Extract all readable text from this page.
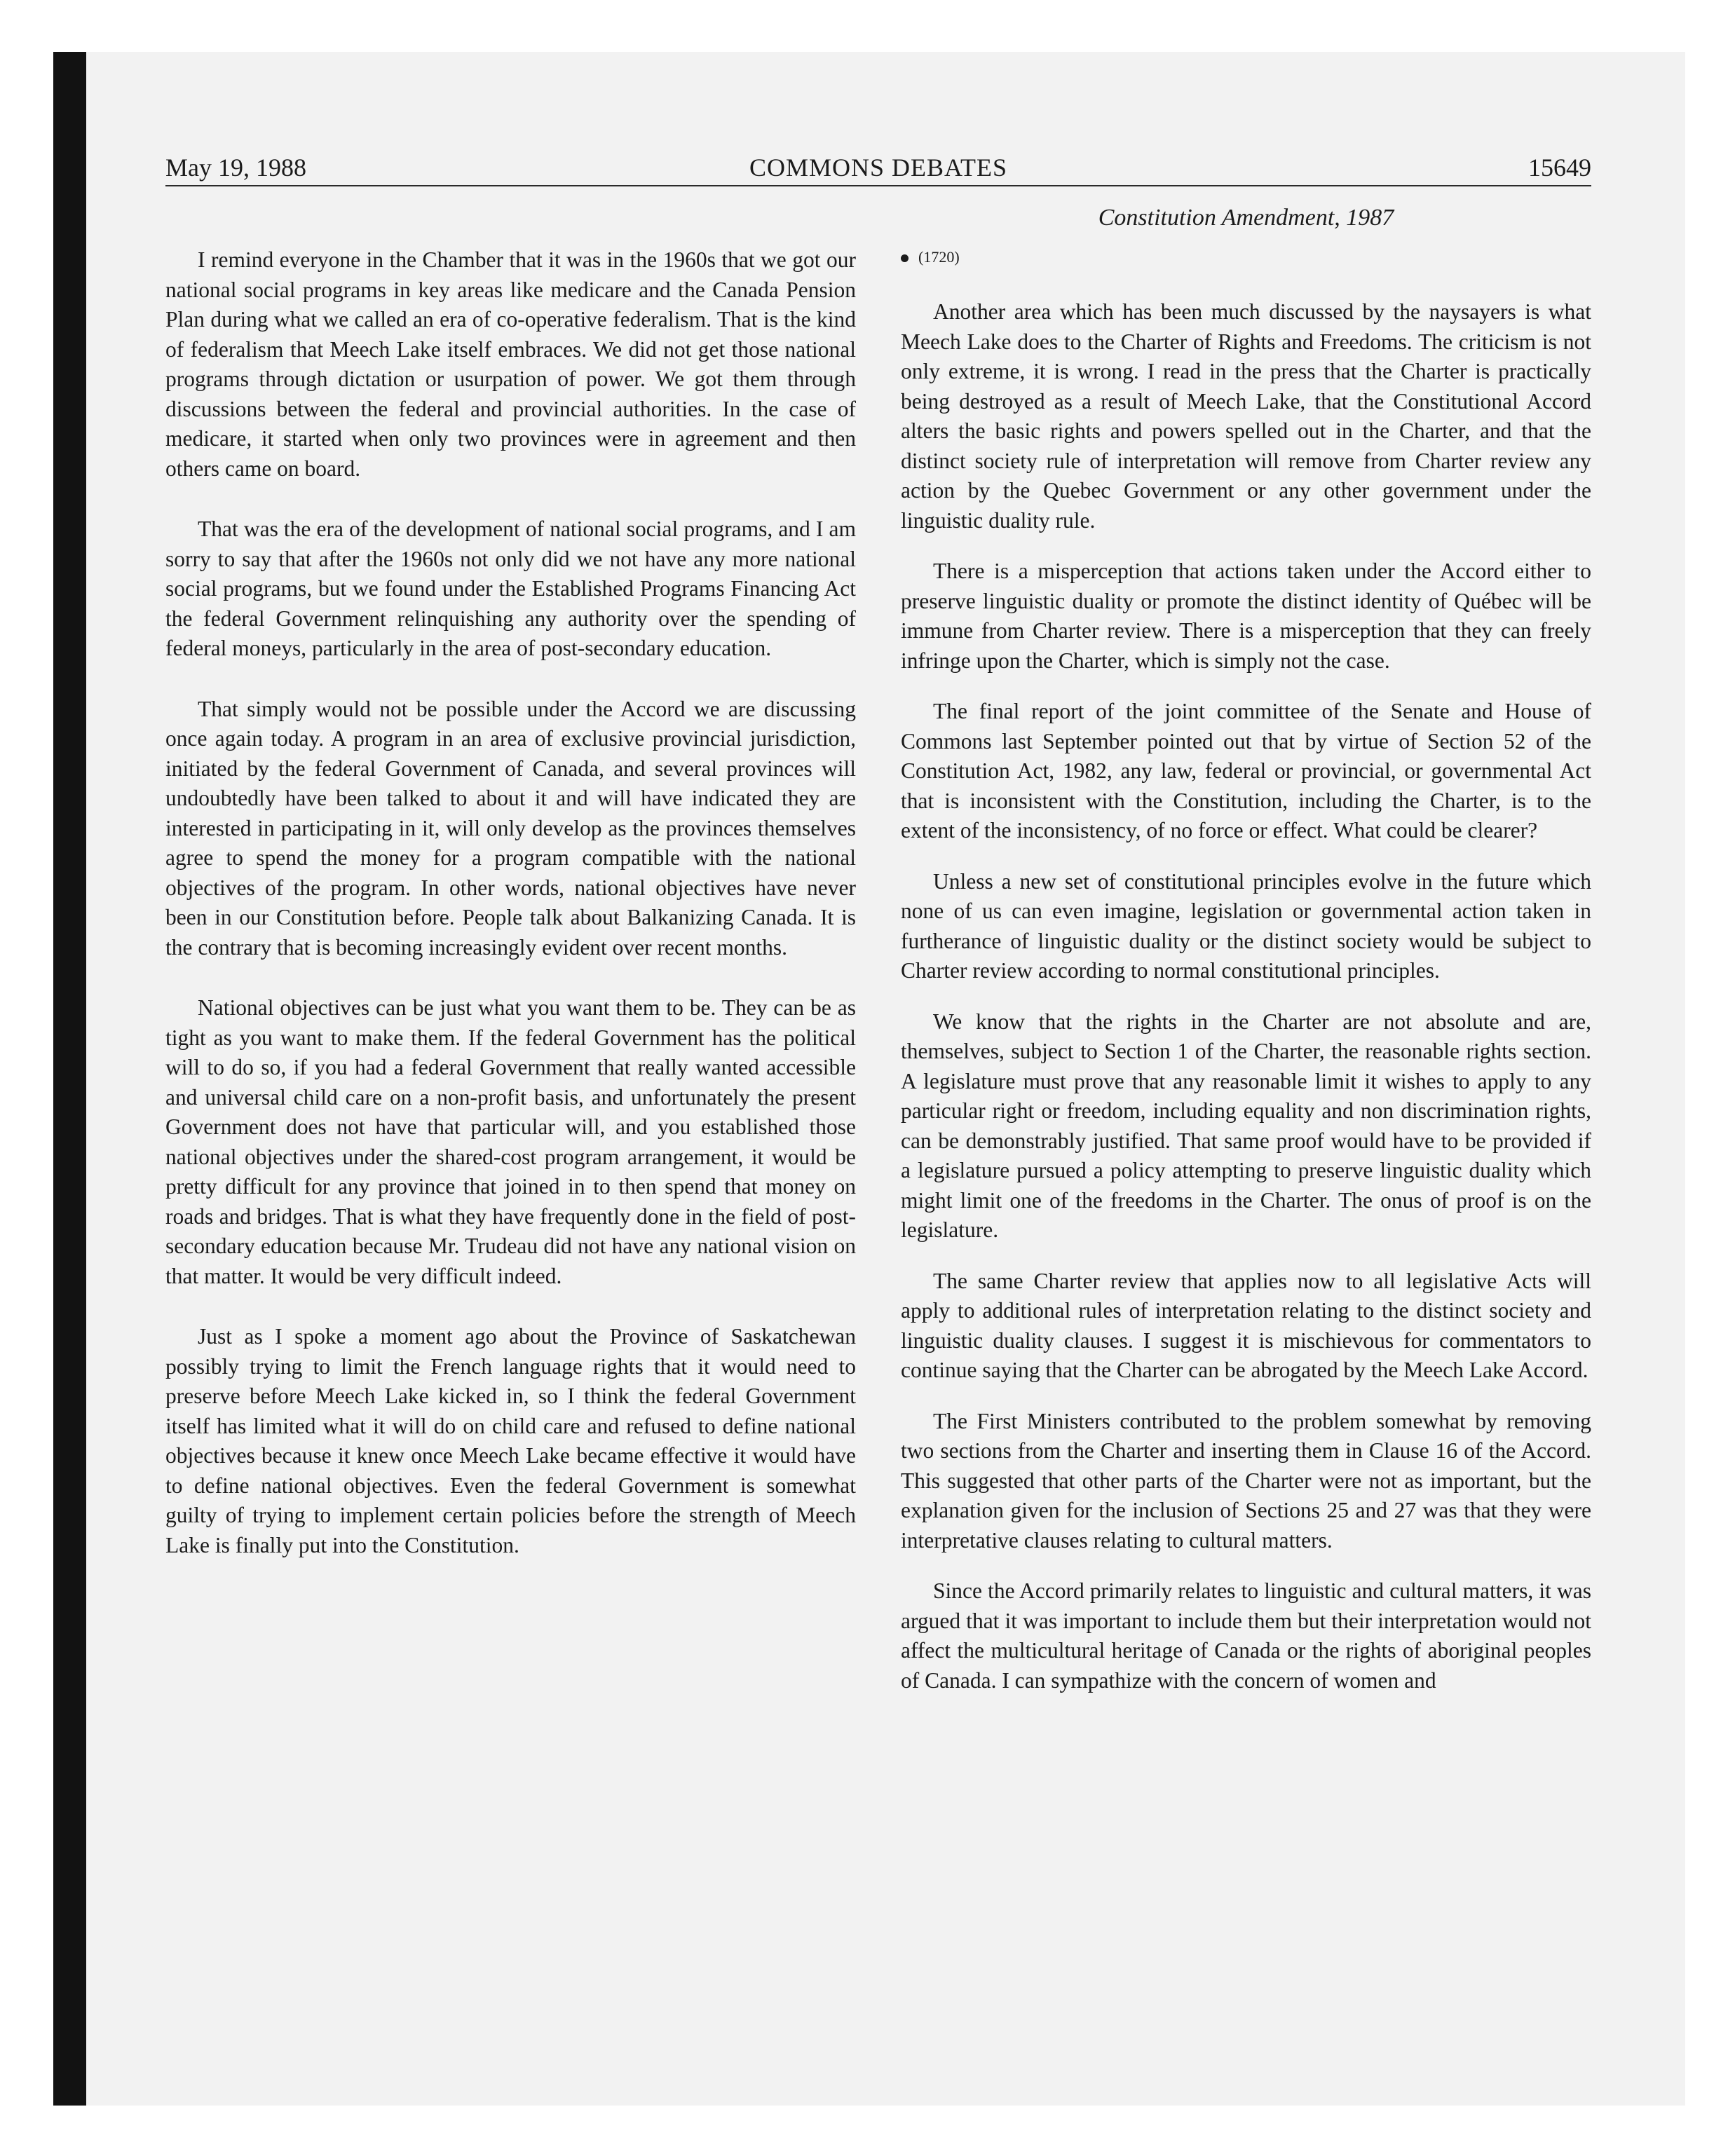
May 19, 1988	COMMONS DEBATES	15649
Constitution Amendment, 1987

I remind everyone in the Chamber that it was in the 1960s that we got our national social programs in key areas like medicare and the Canada Pension Plan during what we called an era of co-operative federalism. That is the kind of federalism that Meech Lake itself embraces. We did not get those national programs through dictation or usurpation of power. We got them through discussions between the federal and provincial authorities. In the case of medicare, it started when only two provinces were in agreement and then others came on board.

That was the era of the development of national social programs, and I am sorry to say that after the 1960s not only did we not have any more national social programs, but we found under the Established Programs Financing Act the federal Government relinquishing any authority over the spending of federal moneys, particularly in the area of post-secondary education.

That simply would not be possible under the Accord we are discussing once again today. A program in an area of exclusive provincial jurisdiction, initiated by the federal Government of Canada, and several provinces will undoubtedly have been talked to about it and will have indicated they are interested in participating in it, will only develop as the provinces themselves agree to spend the money for a program compatible with the national objectives of the program. In other words, national objectives have never been in our Constitution before. People talk about Balkanizing Canada. It is the contrary that is becoming increasingly evident over recent months.

National objectives can be just what you want them to be. They can be as tight as you want to make them. If the federal Government has the political will to do so, if you had a federal Government that really wanted accessible and universal child care on a non-profit basis, and unfortunately the present Government does not have that particular will, and you established those national objectives under the shared-cost program arrangement, it would be pretty difficult for any province that joined in to then spend that money on roads and bridges. That is what they have frequently done in the field of post-secondary education because Mr. Trudeau did not have any national vision on that matter. It would be very difficult indeed.

Just as I spoke a moment ago about the Province of Saskatchewan possibly trying to limit the French language rights that it would need to preserve before Meech Lake kicked in, so I think the federal Government itself has limited what it will do on child care and refused to define national objectives because it knew once Meech Lake became effective it would have to define national objectives. Even the federal Government is somewhat guilty of trying to implement certain policies before the strength of Meech Lake is finally put into the Constitution.

(1720)

Another area which has been much discussed by the naysayers is what Meech Lake does to the Charter of Rights and Freedoms. The criticism is not only extreme, it is wrong. I read in the press that the Charter is practically being destroyed as a result of Meech Lake, that the Constitutional Accord alters the basic rights and powers spelled out in the Charter, and that the distinct society rule of interpretation will remove from Charter review any action by the Quebec Government or any other government under the linguistic duality rule.

There is a misperception that actions taken under the Accord either to preserve linguistic duality or promote the distinct identity of Québec will be immune from Charter review. There is a misperception that they can freely infringe upon the Charter, which is simply not the case.

The final report of the joint committee of the Senate and House of Commons last September pointed out that by virtue of Section 52 of the Constitution Act, 1982, any law, federal or provincial, or governmental Act that is inconsistent with the Constitution, including the Charter, is to the extent of the inconsistency, of no force or effect. What could be clearer?

Unless a new set of constitutional principles evolve in the future which none of us can even imagine, legislation or governmental action taken in furtherance of linguistic duality or the distinct society would be subject to Charter review according to normal constitutional principles.

We know that the rights in the Charter are not absolute and are, themselves, subject to Section 1 of the Charter, the reasonable rights section. A legislature must prove that any reasonable limit it wishes to apply to any particular right or freedom, including equality and non discrimination rights, can be demonstrably justified. That same proof would have to be provided if a legislature pursued a policy attempting to preserve linguistic duality which might limit one of the freedoms in the Charter. The onus of proof is on the legislature.

The same Charter review that applies now to all legislative Acts will apply to additional rules of interpretation relating to the distinct society and linguistic duality clauses. I suggest it is mischievous for commentators to continue saying that the Charter can be abrogated by the Meech Lake Accord.

The First Ministers contributed to the problem somewhat by removing two sections from the Charter and inserting them in Clause 16 of the Accord. This suggested that other parts of the Charter were not as important, but the explanation given for the inclusion of Sections 25 and 27 was that they were interpretative clauses relating to cultural matters.

Since the Accord primarily relates to linguistic and cultural matters, it was argued that it was important to include them but their interpretation would not affect the multicultural heritage of Canada or the rights of aboriginal peoples of Canada. I can sympathize with the concern of women and
